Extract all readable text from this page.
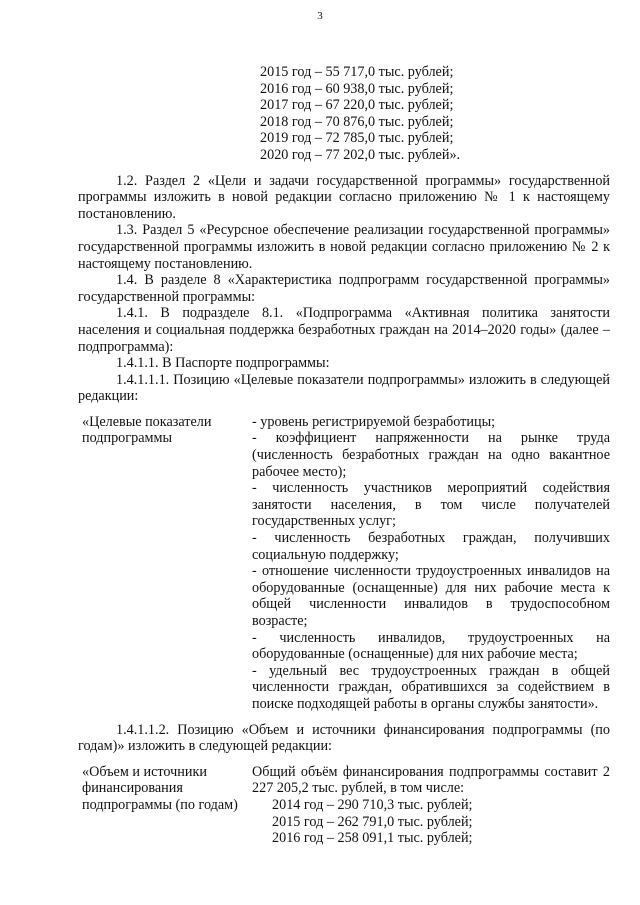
3
2015 год – 55 717,0 тыс. рублей;
2016 год – 60 938,0 тыс. рублей;
2017 год – 67 220,0 тыс. рублей;
2018 год – 70 876,0 тыс. рублей;
2019 год – 72 785,0 тыс. рублей;
2020 год – 77 202,0 тыс. рублей».

1.2. Раздел 2 «Цели и задачи государственной программы» государственной программы изложить в новой редакции согласно приложению № 1 к настоящему постановлению.

1.3. Раздел 5 «Ресурсное обеспечение реализации государственной программы» государственной программы изложить в новой редакции согласно приложению № 2 к настоящему постановлению.

1.4. В разделе 8 «Характеристика подпрограмм государственной программы» государственной программы:

1.4.1. В подразделе 8.1. «Подпрограмма «Активная политика занятости населения и социальная поддержка безработных граждан на 2014–2020 годы» (далее – подпрограмма):

1.4.1.1. В Паспорте подпрограммы:

1.4.1.1.1. Позицию «Целевые показатели подпрограммы» изложить в следующей редакции:

«Целевые показатели подпрограммы
- уровень регистрируемой безработицы;
- коэффициент напряженности на рынке труда (численность безработных граждан на одно вакантное рабочее место);
- численность участников мероприятий содействия занятости населения, в том числе получателей государственных услуг;
- численность безработных граждан, получивших социальную поддержку;
- отношение численности трудоустроенных инвалидов на оборудованные (оснащенные) для них рабочие места к общей численности инвалидов в трудоспособном возрасте;
- численность инвалидов, трудоустроенных на оборудованные (оснащенные) для них рабочие места;
- удельный вес трудоустроенных граждан в общей численности граждан, обратившихся за содействием в поиске подходящей работы в органы службы занятости».

1.4.1.1.2. Позицию «Объем и источники финансирования подпрограммы (по годам)» изложить в следующей редакции:

«Объем и источники финансирования подпрограммы (по годам)
Общий объём финансирования подпрограммы составит 2 227 205,2 тыс. рублей, в том числе:
2014 год – 290 710,3 тыс. рублей;
2015 год – 262 791,0 тыс. рублей;
2016 год – 258 091,1 тыс. рублей;
